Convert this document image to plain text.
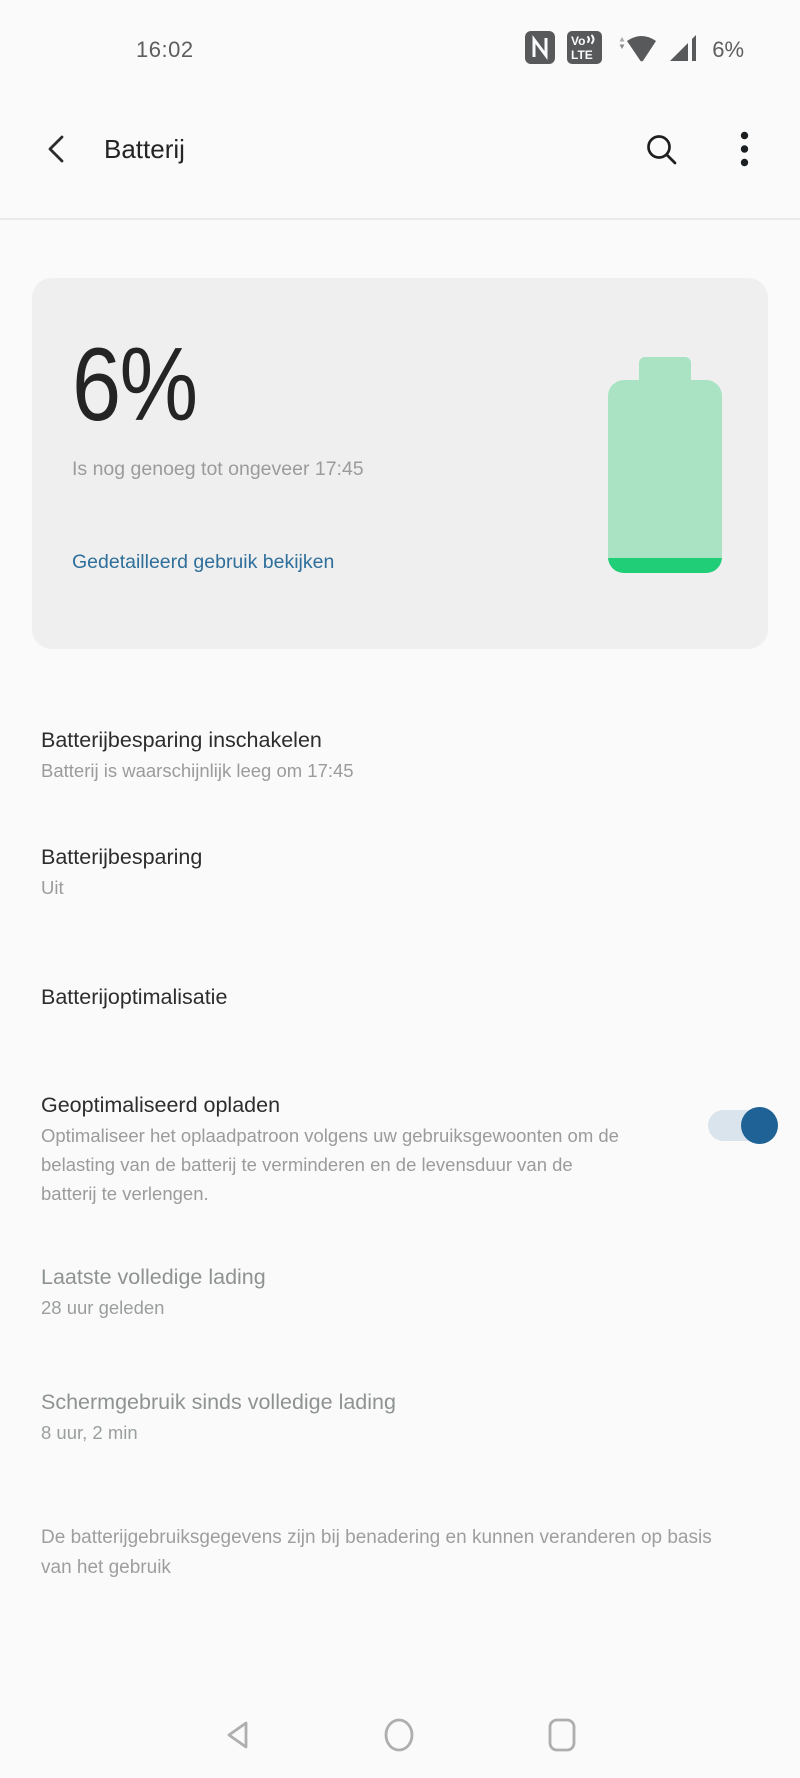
16:02	Vo
LTE	6%
Batterij
6%
Is nog genoeg tot ongeveer 17:45
Gedetailleerd gebruik bekijken
Batterijbesparing inschakelen
Batterij is waarschijnlijk leeg om 17:45
Batterijbesparing
Uit
Batterijoptimalisatie
Geoptimaliseerd opladen
Optimaliseer het oplaadpatroon volgens uw gebruiksgewoonten om de belasting van de batterij te verminderen en de levensduur van de batterij te verlengen.
Laatste volledige lading
28 uur geleden
Schermgebruik sinds volledige lading
8 uur, 2 min
De batterijgebruiksgegevens zijn bij benadering en kunnen veranderen op basis van het gebruik
